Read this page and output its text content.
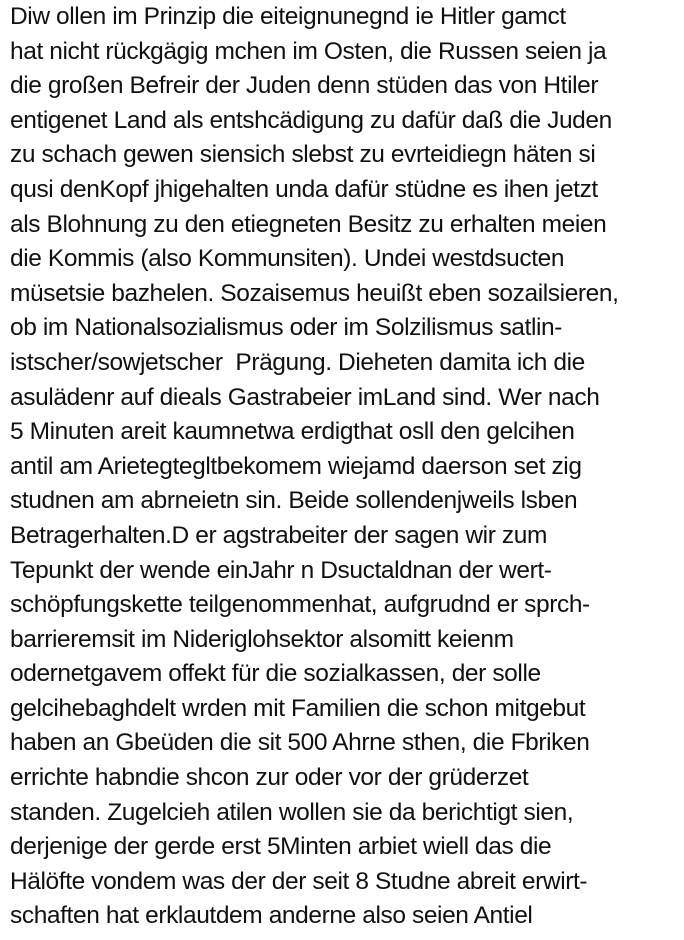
Diw ollen im Prinzip die eiteignunegnd ie Hitler gamct
hat nicht rückgägig mchen im Osten, die Russen seien ja
die großen Befreir der Juden denn stüden das von Htiler
entigenet Land als entshcädigung zu dafür daß die Juden
zu schach gewen siensich slebst zu evrteidiegn häten si
qusi denKopf jhigehalten unda dafür stüdne es ihen jetzt
als Blohnung zu den etiegneten Besitz zu erhalten meien
die Kommis (also Kommunsiten). Undei westdsucten
müsetsie bazhelen. Sozaisemus heuißt eben sozailsieren,
ob im Nationalsozialismus oder im Solzilismus satlin-
istscher/sowjetscher  Prägung. Dieheten damita ich die
asulädenr auf dieals Gastrabeier imLand sind. Wer nach
5 Minuten areit kaumnetwa erdigthat osll den gelcihen
antil am Arietegtegltbekomem wiejamd daerson set zig
studnen am abrneietn sin. Beide sollendenjweils lsben
Betragerhalten.D er agstrabeiter der sagen wir zum
Tepunkt der wende einJahr n Dsuctaldnan der wert-
schöpfungskette teilgenommenhat, aufgrudnd er sprch-
barrieremsit im Nideriglohsektor alsomitt keienm
odernetgavem offekt für die sozialkassen, der solle
gelcihebaghdelt wrden mit Familien die schon mitgebut
haben an Gbeüden die sit 500 Ahrne sthen, die Fbriken
errichte habndie shcon zur oder vor der grüderzet
standen. Zugelcieh atilen wollen sie da berichtigt sien,
derjenige der gerde erst 5Minten arbiet wiell das die
Hälöfte vondem was der der seit 8 Studne abreit erwirt-
schaften hat erklautdem anderne also seien Antiel
